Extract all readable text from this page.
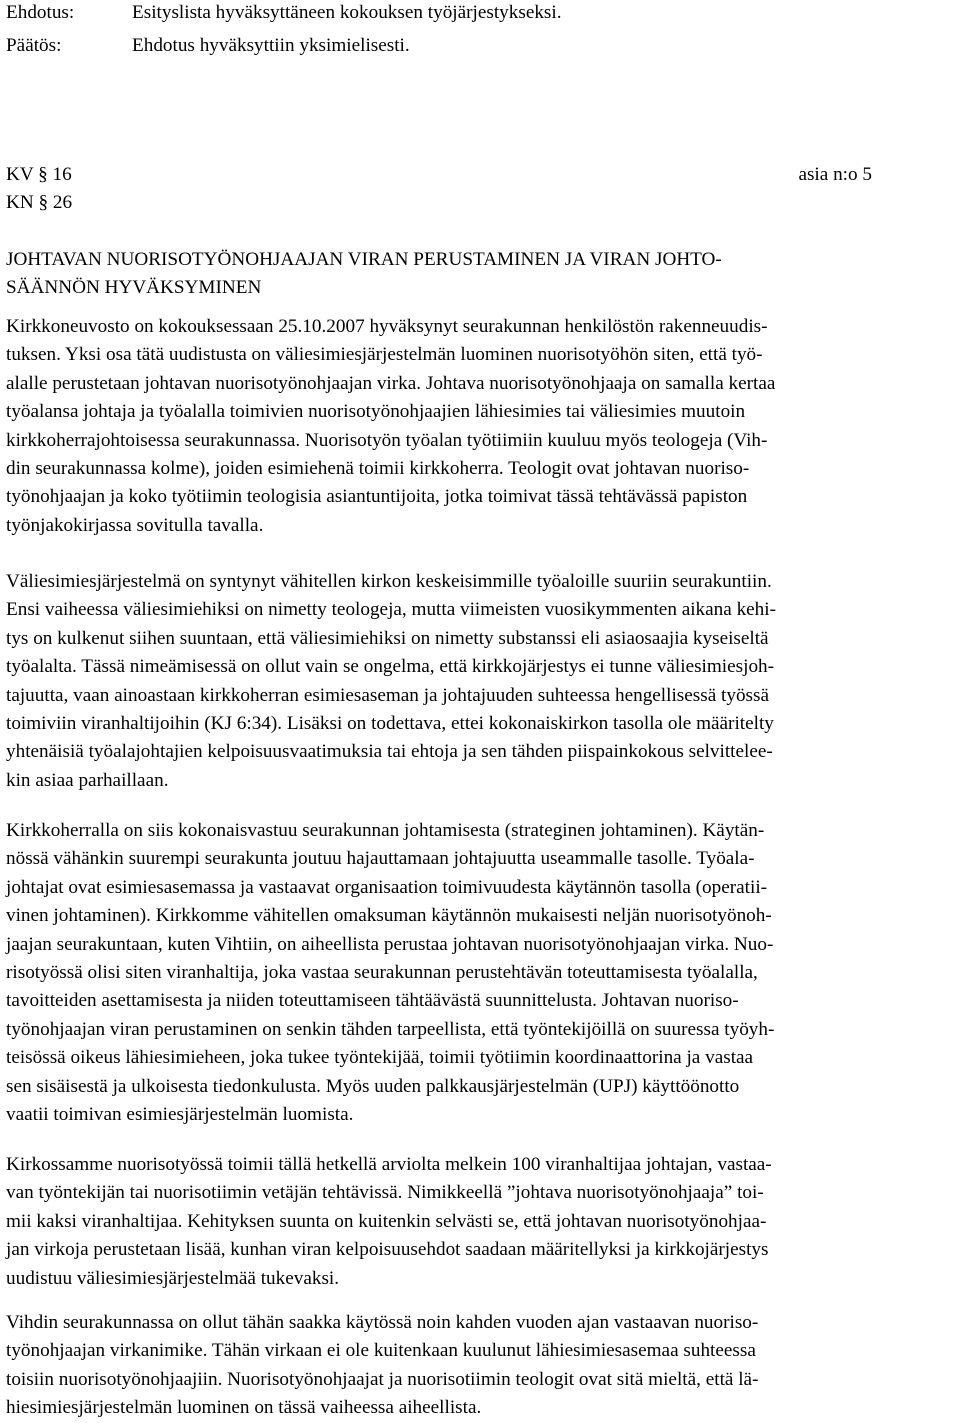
Ehdotus:	Esityslista hyväksyttäneen kokouksen työjärjestykseksi.
Päätös:	Ehdotus hyväksyttiin yksimielisesti.
KV § 16	asia n:o 5
KN § 26
JOHTAVAN NUORISOTYÖNOHJAAJAN VIRAN PERUSTAMINEN JA VIRAN JOHTO-
SÄÄNNÖN HYVÄKSYMINEN
Kirkkoneuvosto on kokouksessaan 25.10.2007 hyväksynyt seurakunnan henkilöstön rakenneuudis-
tuksen. Yksi osa tätä uudistusta on väliesimiesjärjestelmän luominen nuorisotyöhön siten, että työ-
alalle perustetaan johtavan nuorisotyönohjaajan virka. Johtava nuorisotyönohjaaja on samalla kertaa
työalansa johtaja ja työalalla toimivien nuorisotyönohjaajien lähiesimies tai väliesimies muutoin
kirkkoherrajohtoisessa seurakunnassa. Nuorisotyön työalan työtiimiin kuuluu myös teologeja (Vih-
din seurakunnassa kolme), joiden esimiehenä toimii kirkkoherra. Teologit ovat johtavan nuoriso-
työnohjaajan ja koko työtiimin teologisia asiantuntijoita, jotka toimivat tässä tehtävässä papiston
työnjakokirjassa sovitulla tavalla.
Väliesimiesjärjestelmä on syntynyt vähitellen kirkon keskeisimmille työaloille suuriin seurakuntiin.
Ensi vaiheessa väliesimiehiksi on nimetty teologeja, mutta viimeisten vuosikymmenten aikana kehi-
tys on kulkenut siihen suuntaan, että väliesimiehiksi on nimetty substanssi eli asiaosaajia kyseiseltä
työalalta. Tässä nimeämisessä on ollut vain se ongelma, että kirkkojärjestys ei tunne väliesimiesjoh-
tajuutta, vaan ainoastaan kirkkoherran esimiesaseman ja johtajuuden suhteessa hengellisessä työssä
toimiviin viranhaltijoihin (KJ 6:34). Lisäksi on todettava, ettei kokonaiskirkon tasolla ole määritelty
yhtenäisiä työalajohtajien kelpoisuusvaatimuksia tai ehtoja ja sen tähden piispainkokous selvitteleе-
kin asiaa parhaillaan.
Kirkkoherralla on siis kokonaisvastuu seurakunnan johtamisesta (strateginen johtaminen). Käytän-
nössä vähänkin suurempi seurakunta joutuu hajauttamaan johtajuutta useammalle tasolle. Työala-
johtajat ovat esimiesasemassa ja vastaavat organisaation toimivuudesta käytännön tasolla (operatii-
vinen johtaminen). Kirkkomme vähitellen omaksuman käytännön mukaisesti neljän nuorisotyönoh-
jaajan seurakuntaan, kuten Vihtiin, on aiheellista perustaa johtavan nuorisotyönohjaajan virka. Nuo-
risotyössä olisi siten viranhaltija, joka vastaa seurakunnan perustehtävän toteuttamisesta työalalla,
tavoitteiden asettamisesta ja niiden toteuttamiseen tähtäävästä suunnittelusta. Johtavan nuoriso-
työnohjaajan viran perustaminen on senkin tähden tarpeellista, että työntekijöillä on suuressa työyh-
teisössä oikeus lähiesimieheen, joka tukee työntekijää, toimii työtiimin koordinaattorina ja vastaa
sen sisäisestä ja ulkoisesta tiedonkulusta. Myös uuden palkkausjärjestelmän (UPJ) käyttöönotto
vaatii toimivan esimiesjärjestelmän luomista.
Kirkossamme nuorisotyössä toimii tällä hetkellä arviolta melkein 100 viranhaltijaa johtajan, vastaa-
van työntekijän tai nuorisotiimin vetäjän tehtävissä. Nimikkeellä ”johtava nuorisotyönohjaaja” toi-
mii kaksi viranhaltijaa. Kehityksen suunta on kuitenkin selvästi se, että johtavan nuorisotyönohjaa-
jan virkoja perustetaan lisää, kunhan viran kelpoisuusehdot saadaan määritellyksi ja kirkkojärjestys
uudistuu väliesimiesjärjestelmää tukevaksi.
Vihdin seurakunnassa on ollut tähän saakka käytössä noin kahden vuoden ajan vastaavan nuoriso-
työnohjaajan virkanimike. Tähän virkaan ei ole kuitenkaan kuulunut lähiesimiesasemaa suhteessa
toisiin nuorisotyönohjaajiin. Nuorisotyönohjaajat ja nuorisotiimin teologit ovat sitä mieltä, että lä-
hiesimiesjärjestelmän luominen on tässä vaiheessa aiheellista.
